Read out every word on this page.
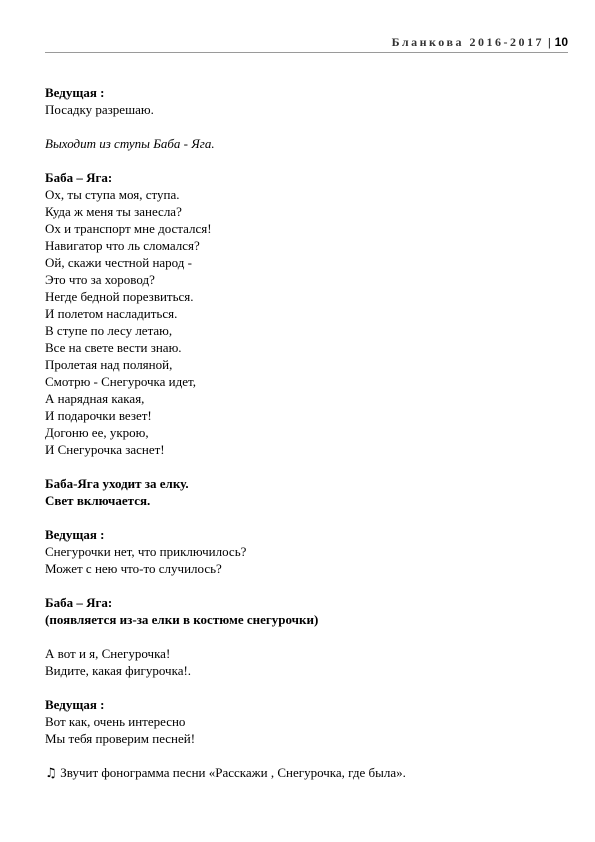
Бланкова 2016-2017 | 10
Ведущая :
Посадку разрешаю.
Выходит из ступы Баба - Яга.
Баба – Яга:
Ох, ты ступа моя, ступа.
Куда ж меня ты занесла?
Ох и транспорт мне достался!
Навигатор что ль сломался?
Ой, скажи честной народ -
Это что за хоровод?
Негде бедной порезвиться.
И полетом насладиться.
В ступе по лесу летаю,
Все на свете вести знаю.
Пролетая над поляной,
Смотрю - Снегурочка идет,
А нарядная какая,
И подарочки везет!
Догоню ее, укрою,
И Снегурочка заснет!
Баба-Яга уходит за елку.
Свет включается.
Ведущая :
Снегурочки нет, что приключилось?
Может с нею что-то случилось?
Баба – Яга:
(появляется из-за елки в костюме снегурочки)
А вот и я, Снегурочка!
Видите, какая фигурочка!.
Ведущая :
Вот как, очень интересно
Мы тебя проверим песней!
♫ Звучит фонограмма песни «Расскажи , Снегурочка, где была».
